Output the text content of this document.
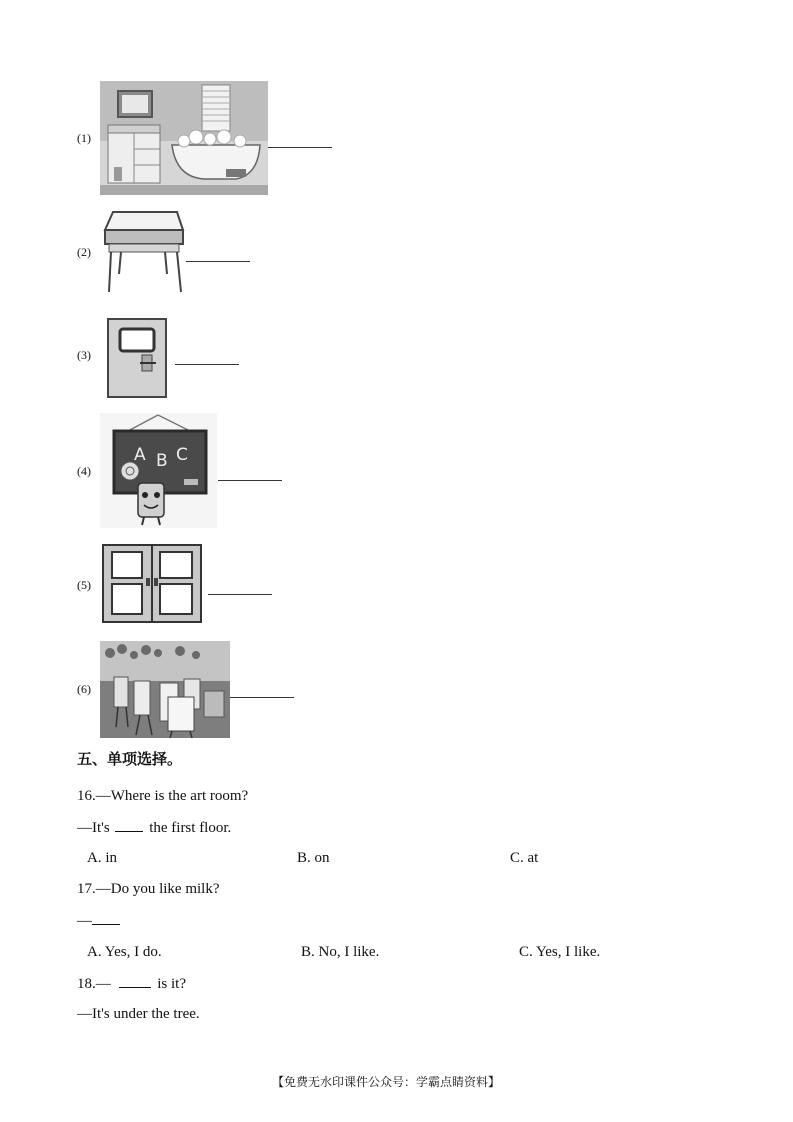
(1)
(2)
(3)
(4)
A B C
(5)
(6)
五、单项选择。
16.—Where is the art room?
—It's	the first floor.
A. in	B. on	C. at
17.—Do you like milk?
—
A. Yes, I do.	B. No, I like.	C. Yes, I like.
18.—	is it?
—It's under the tree.
【免费无水印课件公众号：学霸点睛资料】
